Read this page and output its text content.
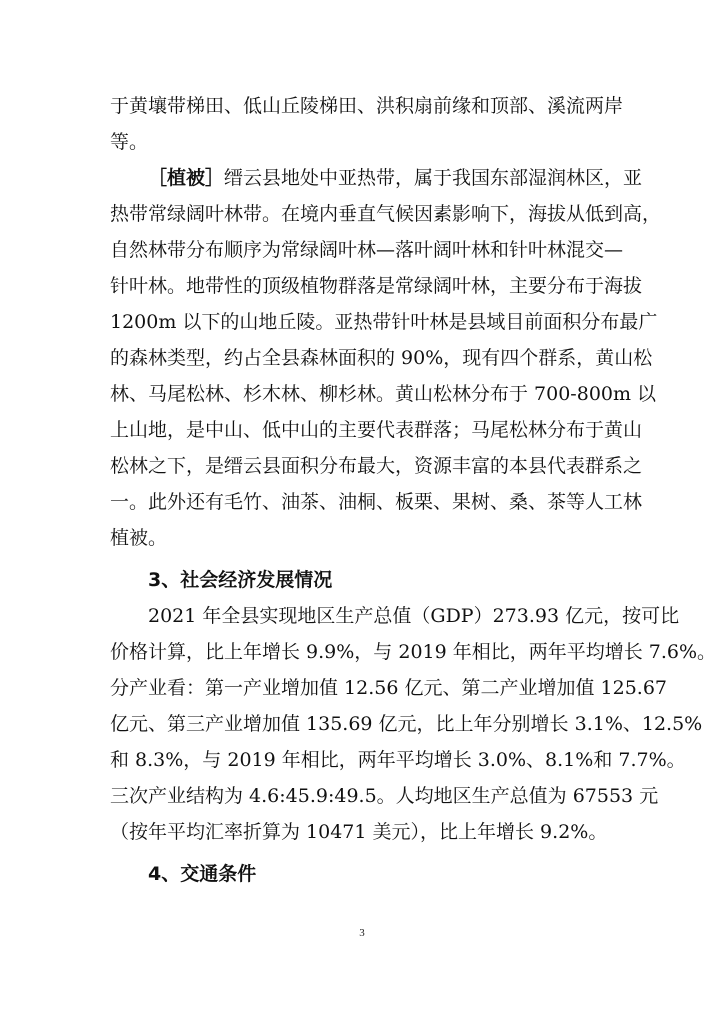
于黄壤带梯田、低山丘陵梯田、洪积扇前缘和顶部、溪流两岸
等。
［植被］缙云县地处中亚热带，属于我国东部湿润林区，亚
热带常绿阔叶林带。在境内垂直气候因素影响下，海拔从低到高，
自然林带分布顺序为常绿阔叶林—落叶阔叶林和针叶林混交—
针叶林。地带性的顶级植物群落是常绿阔叶林，主要分布于海拔
1200m 以下的山地丘陵。亚热带针叶林是县域目前面积分布最广
的森林类型，约占全县森林面积的 90%，现有四个群系，黄山松
林、马尾松林、杉木林、柳杉林。黄山松林分布于 700-800m 以
上山地，是中山、低中山的主要代表群落；马尾松林分布于黄山
松林之下，是缙云县面积分布最大，资源丰富的本县代表群系之
一。此外还有毛竹、油茶、油桐、板栗、果树、桑、茶等人工林
植被。
3、社会经济发展情况
2021 年全县实现地区生产总值（GDP）273.93 亿元，按可比
价格计算，比上年增长 9.9%，与 2019 年相比，两年平均增长 7.6%。
分产业看：第一产业增加值 12.56 亿元、第二产业增加值 125.67
亿元、第三产业增加值 135.69 亿元，比上年分别增长 3.1%、12.5%
和 8.3%，与 2019 年相比，两年平均增长 3.0%、8.1%和 7.7%。
三次产业结构为 4.6:45.9:49.5。人均地区生产总值为 67553 元
（按年平均汇率折算为 10471 美元），比上年增长 9.2%。
4、交通条件
3
